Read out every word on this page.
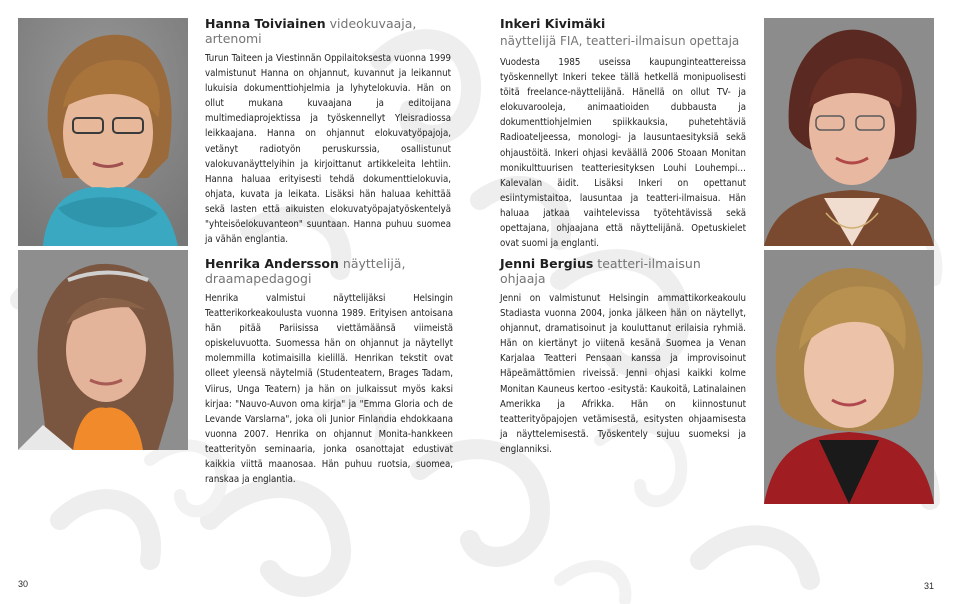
Hanna Toiviainen videokuvaaja, artenomi

Turun Taiteen ja Viestinnän Oppilaitoksesta vuonna 1999 valmistunut Hanna on ohjannut, kuvannut ja leikannut lukuisia dokumenttiohjelmia ja lyhytelokuvia. Hän on ollut mukana kuvaajana ja editoijana multimediaprojektissa ja työskennellyt Yleisradiossa leikkaajana. Hanna on ohjannut elokuvatyöpajoja, vetänyt radiotyön peruskurssia, osallistunut valokuvanäyttelyihin ja kirjoittanut artikkeleita lehtiin. Hanna haluaa erityisesti tehdä dokumenttielokuvia, ohjata, kuvata ja leikata. Lisäksi hän haluaa kehittää sekä lasten että aikuisten elokuvatyöpajatyöskentelyä "yhteisöelokuvanteon" suuntaan. Hanna puhuu suomea ja vähän englantia.

Inkeri Kivimäki
näyttelijä FIA, teatteri-ilmaisun opettaja

Vuodesta 1985 useissa kaupunginteattereissa työskennellyt Inkeri tekee tällä hetkellä monipuolisesti töitä freelance-näyttelijänä. Hänellä on ollut TV- ja elokuvarooleja, animaatioiden dubbausta ja dokumenttiohjelmien spiikkauksia, puhetehtäviä Radioateljeessa, monologi- ja lausuntaesityksiä sekä ohjaustöitä. Inkeri ohjasi keväällä 2006 Stoaan Monitan monikulttuurisen teatteriesityksen Louhi Louhempi… Kalevalan äidit. Lisäksi Inkeri on opettanut esiintymistaitoa, lausuntaa ja teatteri-ilmaisua. Hän haluaa jatkaa vaihtelevissa työtehtävissä sekä opettajana, ohjaajana että näyttelijänä. Opetuskielet ovat suomi ja englanti.

Henrika Andersson näyttelijä, draamapedagogi

Henrika valmistui näyttelijäksi Helsingin Teatterikorkeakoulusta vuonna 1989. Erityisen antoisana hän pitää Pariisissa viettämäänsä viimeistä opiskeluvuotta. Suomessa hän on ohjannut ja näytellyt molemmilla kotimaisilla kielillä. Henrikan tekstit ovat olleet yleensä näytelmiä (Studenteatern, Brages Tadam, Viirus, Unga Teatern) ja hän on julkaissut myös kaksi kirjaa: "Nauvo-Auvon oma kirja" ja "Emma Gloria och de Levande Varslarna", joka oli Junior Finlandia ehdokkaana vuonna 2007. Henrika on ohjannut Monita-hankkeen teatterityön seminaaria, jonka osanottajat edustivat kaikkia viittä maanosaa. Hän puhuu ruotsia, suomea, ranskaa ja englantia.

Jenni Bergius teatteri-ilmaisun ohjaaja

Jenni on valmistunut Helsingin ammattikorkeakoulu Stadiasta vuonna 2004, jonka jälkeen hän on näytellyt, ohjannut, dramatisoinut ja kouluttanut erilaisia ryhmiä. Hän on kiertänyt jo viitenä kesänä Suomea ja Venan Karjalaa Teatteri Pensaan kanssa ja improvisoinut Häpeämättömien riveissä. Jenni ohjasi kaikki kolme Monitan Kauneus kertoo -esitystä: Kaukoitä, Latinalainen Amerikka ja Afrikka. Hän on kiinnostunut teatterityöpajojen vetämisestä, esitysten ohjaamisesta ja näyttelemisestä. Työskentely sujuu suomeksi ja englanniksi.

30	31
